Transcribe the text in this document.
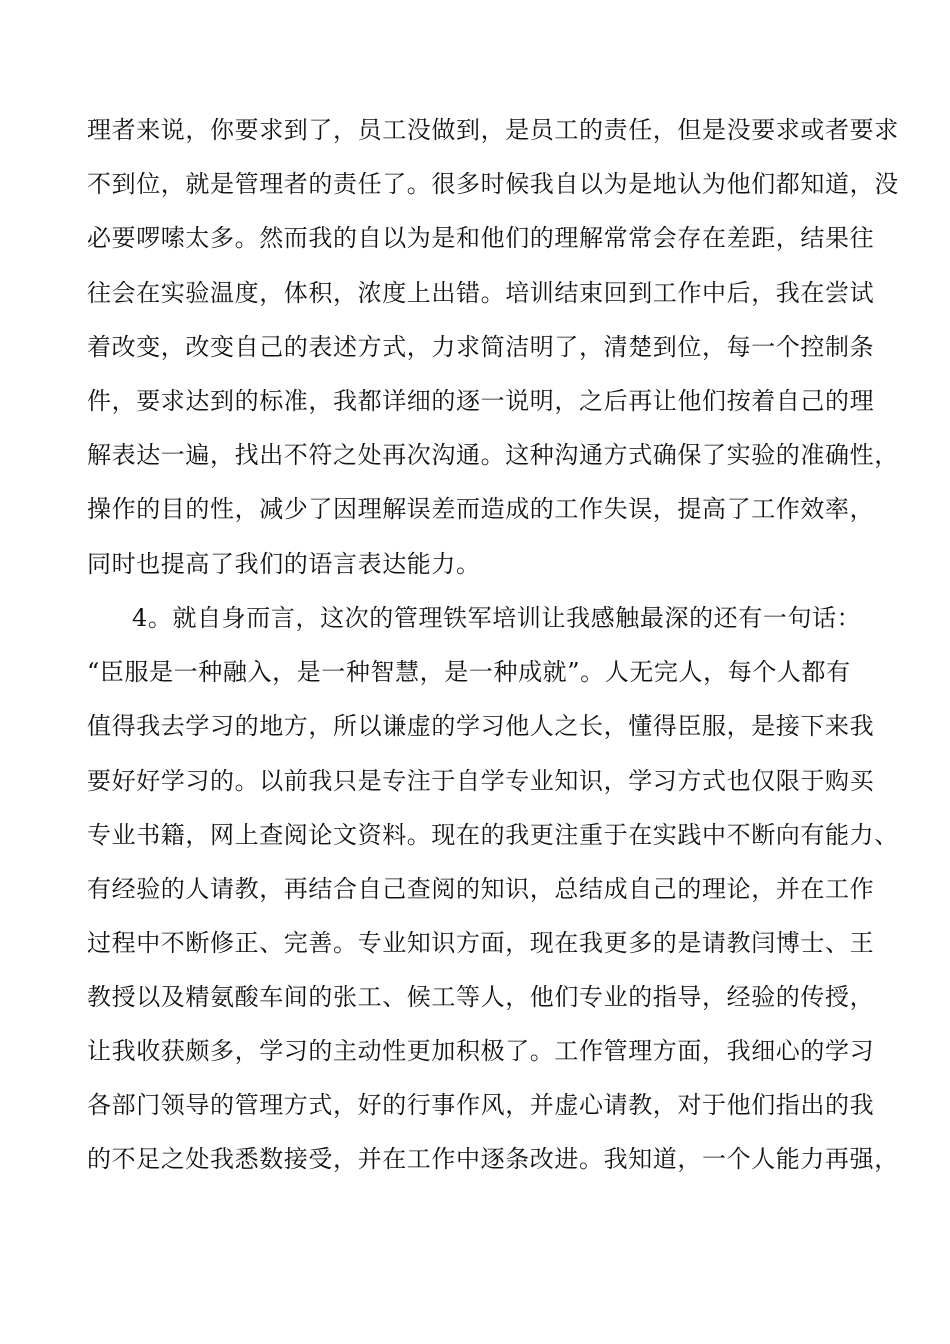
理者来说，你要求到了，员工没做到，是员工的责任，但是没要求或者要求
不到位，就是管理者的责任了。很多时候我自以为是地认为他们都知道，没
必要啰嗦太多。然而我的自以为是和他们的理解常常会存在差距，结果往
往会在实验温度，体积，浓度上出错。培训结束回到工作中后，我在尝试
着改变，改变自己的表述方式，力求简洁明了，清楚到位，每一个控制条
件，要求达到的标准，我都详细的逐一说明，之后再让他们按着自己的理
解表达一遍，找出不符之处再次沟通。这种沟通方式确保了实验的准确性，
操作的目的性，减少了因理解误差而造成的工作失误，提高了工作效率，
同时也提高了我们的语言表达能力。
4。就自身而言，这次的管理铁军培训让我感触最深的还有一句话：
“臣服是一种融入，是一种智慧，是一种成就”。人无完人，每个人都有
值得我去学习的地方，所以谦虚的学习他人之长，懂得臣服，是接下来我
要好好学习的。以前我只是专注于自学专业知识，学习方式也仅限于购买
专业书籍，网上查阅论文资料。现在的我更注重于在实践中不断向有能力、
有经验的人请教，再结合自己查阅的知识，总结成自己的理论，并在工作
过程中不断修正、完善。专业知识方面，现在我更多的是请教闫博士、王
教授以及精氨酸车间的张工、候工等人，他们专业的指导，经验的传授，
让我收获颇多，学习的主动性更加积极了。工作管理方面，我细心的学习
各部门领导的管理方式，好的行事作风，并虚心请教，对于他们指出的我
的不足之处我悉数接受，并在工作中逐条改进。我知道，一个人能力再强，
